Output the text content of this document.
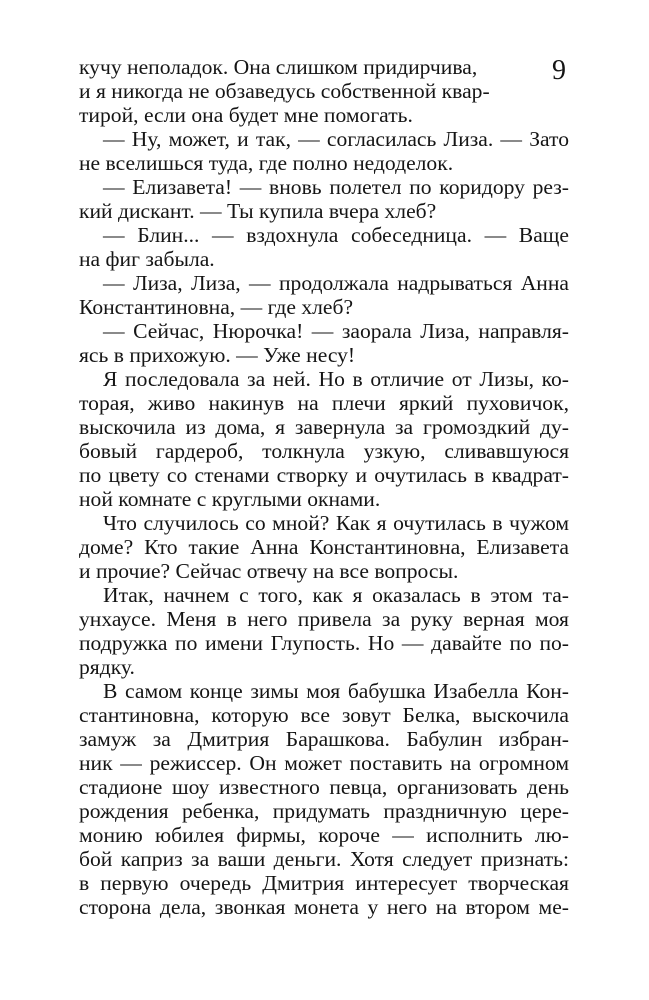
9
кучу неполадок. Она слишком придирчива,
и я никогда не обзаведусь собственной квар-
тирой, если она будет мне помогать.
— Ну, может, и так, — согласилась Лиза. — Зато
не вселишься туда, где полно недоделок.
— Елизавета! — вновь полетел по коридору рез-
кий дискант. — Ты купила вчера хлеб?
— Блин... — вздохнула собеседница. — Ваще
на фиг забыла.
— Лиза, Лиза, — продолжала надрываться Анна
Константиновна, — где хлеб?
— Сейчас, Нюрочка! — заорала Лиза, направля-
ясь в прихожую. — Уже несу!
Я последовала за ней. Но в отличие от Лизы, ко-
торая, живо накинув на плечи яркий пуховичок,
выскочила из дома, я завернула за громоздкий ду-
бовый гардероб, толкнула узкую, сливавшуюся
по цвету со стенами створку и очутилась в квадрат-
ной комнате с круглыми окнами.
Что случилось со мной? Как я очутилась в чужом
доме? Кто такие Анна Константиновна, Елизавета
и прочие? Сейчас отвечу на все вопросы.
Итак, начнем с того, как я оказалась в этом та-
унхаусе. Меня в него привела за руку верная моя
подружка по имени Глупость. Но — давайте по по-
рядку.
В самом конце зимы моя бабушка Изабелла Кон-
стантиновна, которую все зовут Белка, выскочила
замуж за Дмитрия Барашкова. Бабулин избран-
ник — режиссер. Он может поставить на огромном
стадионе шоу известного певца, организовать день
рождения ребенка, придумать праздничную цере-
монию юбилея фирмы, короче — исполнить лю-
бой каприз за ваши деньги. Хотя следует признать:
в первую очередь Дмитрия интересует творческая
сторона дела, звонкая монета у него на втором ме-
